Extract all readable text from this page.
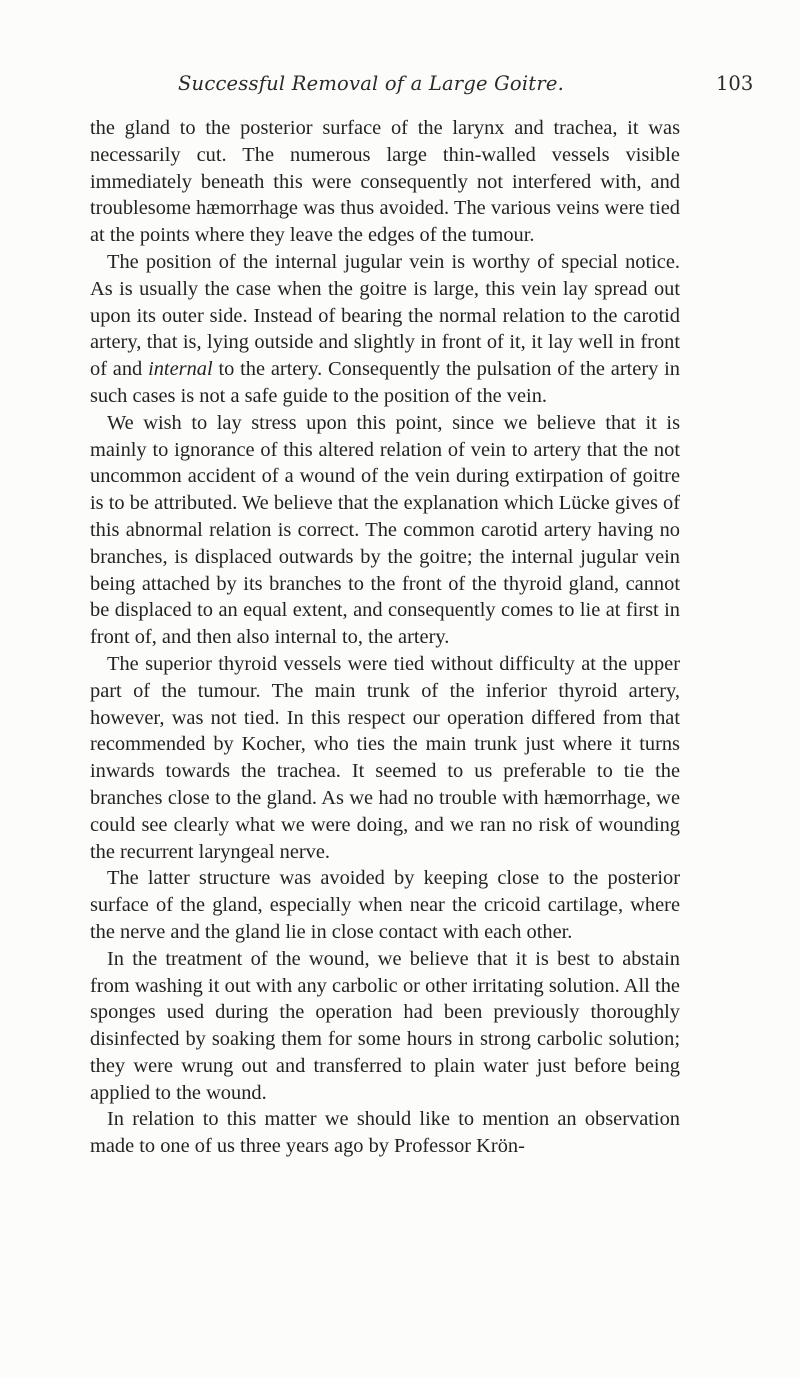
Successful Removal of a Large Goitre.	103

the gland to the posterior surface of the larynx and trachea, it was necessarily cut. The numerous large thin-walled vessels visible immediately beneath this were consequently not interfered with, and troublesome hæmorrhage was thus avoided. The various veins were tied at the points where they leave the edges of the tumour.

The position of the internal jugular vein is worthy of special notice. As is usually the case when the goitre is large, this vein lay spread out upon its outer side. Instead of bearing the normal relation to the carotid artery, that is, lying outside and slightly in front of it, it lay well in front of and internal to the artery. Consequently the pulsation of the artery in such cases is not a safe guide to the position of the vein.

We wish to lay stress upon this point, since we believe that it is mainly to ignorance of this altered relation of vein to artery that the not uncommon accident of a wound of the vein during extirpation of goitre is to be attributed. We believe that the explanation which Lücke gives of this abnormal relation is correct. The common carotid artery having no branches, is displaced outwards by the goitre; the internal jugular vein being attached by its branches to the front of the thyroid gland, cannot be displaced to an equal extent, and consequently comes to lie at first in front of, and then also internal to, the artery.

The superior thyroid vessels were tied without difficulty at the upper part of the tumour. The main trunk of the inferior thyroid artery, however, was not tied. In this respect our operation differed from that recommended by Kocher, who ties the main trunk just where it turns inwards towards the trachea. It seemed to us preferable to tie the branches close to the gland. As we had no trouble with hæmorrhage, we could see clearly what we were doing, and we ran no risk of wounding the recurrent laryngeal nerve.

The latter structure was avoided by keeping close to the posterior surface of the gland, especially when near the cricoid cartilage, where the nerve and the gland lie in close contact with each other.

In the treatment of the wound, we believe that it is best to abstain from washing it out with any carbolic or other irritating solution. All the sponges used during the operation had been previously thoroughly disinfected by soaking them for some hours in strong carbolic solution; they were wrung out and transferred to plain water just before being applied to the wound.

In relation to this matter we should like to mention an observation made to one of us three years ago by Professor Krön-
